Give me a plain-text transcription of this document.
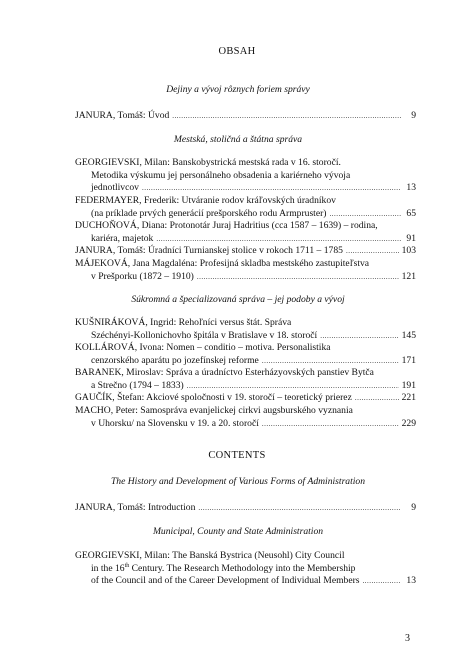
OBSAH
Dejiny a vývoj rôznych foriem správy
JANURA, Tomáš: Úvod .....	9
Mestská, stoličná a štátna správa
GEORGIEVSKI, Milan: Banskobystrická mestská rada v 16. storočí.
Metodika výskumu jej personálneho obsadenia a kariérneho vývoja
jednotlivcov .....	13
FEDERMAYER, Frederik: Utváranie rodov kráľovských úradníkov
(na príklade prvých generácií prešporského rodu Armpruster) .....	65
DUCHOŇOVÁ, Diana: Protonotár Juraj Hadritius (cca 1587 – 1639) – rodina,
kariéra, majetok .....	91
JANURA, Tomáš: Úradníci Turnianskej stolice v rokoch 1711 – 1785 .....	103
MÁJEKOVÁ, Jana Magdaléna: Profesijná skladba mestského zastupiteľstva
v Prešporku (1872 – 1910) .....	121
Súkromná a špecializovaná správa – jej podoby a vývoj
KUŠNIRÁKOVÁ, Ingrid: Rehoľníci versus štát. Správa
Széchényi-Kollonichovho špitála v Bratislave v 18. storočí .....	145
KOLLÁROVÁ, Ivona: Nomen – conditio – motiva. Personalistika
cenzorského aparátu po jozefínskej reforme .....	171
BARANEK, Miroslav: Správa a úradníctvo Esterházyovských panstiev Bytča
a Strečno (1794 – 1833) .....	191
GAUČÍK, Štefan: Akciové spoločnosti v 19. storočí – teoretický prierez .....	221
MACHO, Peter: Samospráva evanjelickej cirkvi augsburského vyznania
v Uhorsku/ na Slovensku v 19. a 20. storočí .....	229
CONTENTS
The History and Development of Various Forms of Administration
JANURA, Tomáš: Introduction .....	9
Municipal, County and State Administration
GEORGIEVSKI, Milan: The Banská Bystrica (Neusohl) City Council
in the 16th Century. The Research Methodology into the Membership
of the Council and of the Career Development of Individual Members .....	13
3
